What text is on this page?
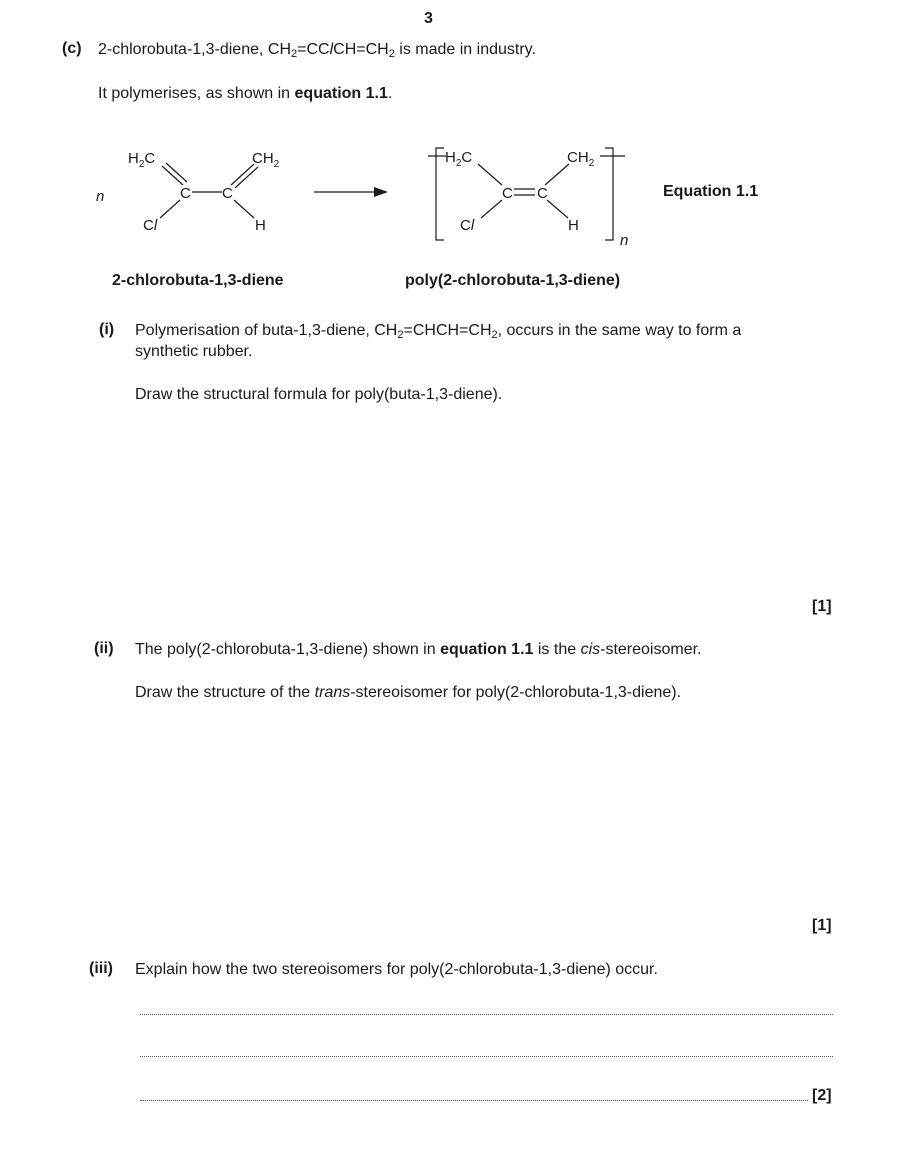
3
(c) 2-chlorobuta-1,3-diene, $CH_2=CClCH=CH_2$ is made in industry.
It polymerises, as shown in equation 1.1.
n
$H_2C$	$CH_2$
C C
Cl	H
$H_2C$	$CH_2$
C C
Cl	H
n
Equation 1.1
2-chlorobuta-1,3-diene	poly(2-chlorobuta-1,3-diene)
(i) Polymerisation of buta-1,3-diene, $CH_2=CHCH=CH_2$, occurs in the same way to form a
synthetic rubber.
Draw the structural formula for poly(buta-1,3-diene).
[1]
(ii) The poly(2-chlorobuta-1,3-diene) shown in equation 1.1 is the cis-stereoisomer.
Draw the structure of the trans-stereoisomer for poly(2-chlorobuta-1,3-diene).
[1]
(iii) Explain how the two stereoisomers for poly(2-chlorobuta-1,3-diene) occur.
[2]
